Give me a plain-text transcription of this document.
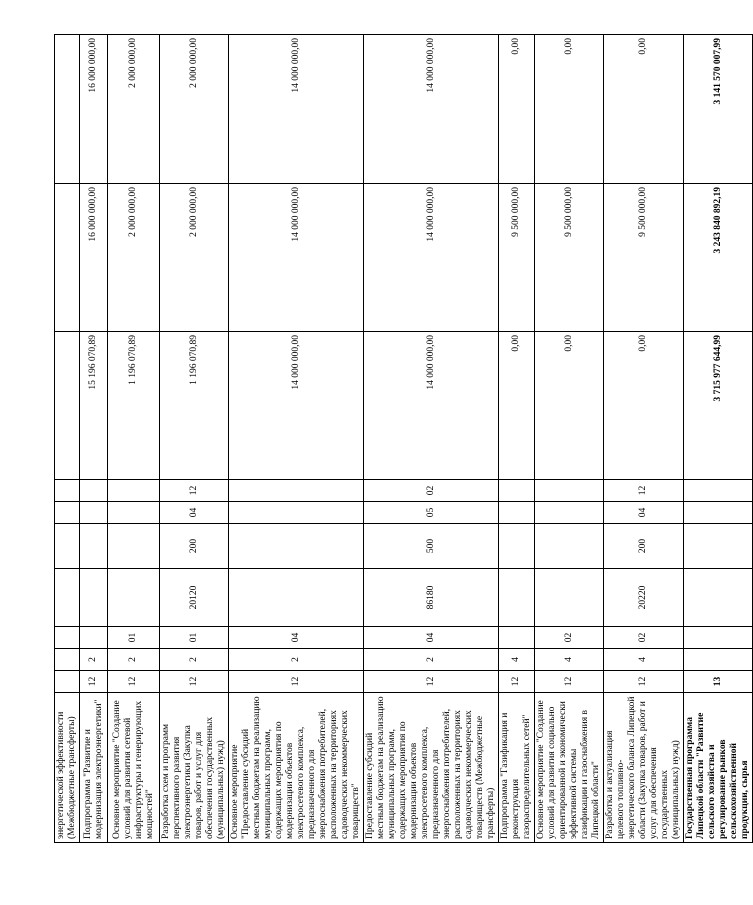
энергетической эффективности (Межбюджетные трансферты)										
Подпрограмма "Развитие и модернизация электроэнергетики"	12	2						15 196 070,89	16 000 000,00	16 000 000,00
Основное мероприятие "Создание условий для развития сетевой инфраструктуры и генерирующих мощностей"	12	2	01					1 196 070,89	2 000 000,00	2 000 000,00
Разработка схем и программ перспективного развития электроэнергетики (Закупка товаров, работ и услуг для обеспечения государственных (муниципальных) нужд)	12	2	01	20120	200	04	12	1 196 070,89	2 000 000,00	2 000 000,00
Основное мероприятие "Предоставление субсидий местным бюджетам на реализацию муниципальных программ, содержащих мероприятия по модернизации объектов электросетевого комплекса, предназначенного для энергоснабжения потребителей, расположенных на территориях садоводческих некоммерческих товариществ"	12	2	04					14 000 000,00	14 000 000,00	14 000 000,00
Предоставление субсидий местным бюджетам на реализацию муниципальных программ, содержащих мероприятия по модернизации объектов электросетевого комплекса, предназначенного для энергоснабжения потребителей, расположенных на территориях садоводческих некоммерческих товариществ (Межбюджетные трансферты)	12	2	04	86180	500	05	02	14 000 000,00	14 000 000,00	14 000 000,00
Подпрограмма "Газификация и реконструкция газораспределительных сетей"	12	4						0,00	9 500 000,00	0,00
Основное мероприятие "Создание условий для развития социально ориентированной и экономически эффективной системы газификации и газоснабжения в Липецкой области"	12	4	02					0,00	9 500 000,00	0,00
Разработка и актуализация целевого топливно-энергетического баланса Липецкой области (Закупка товаров, работ и услуг для обеспечения государственных (муниципальных) нужд)	12	4	02	20220	200	04	12	0,00	9 500 000,00	0,00
Государственная программа Липецкой области "Развитие сельского хозяйства и регулирование рынков сельскохозяйственной продукции, сырья	13							3 715 977 644,99	3 243 840 892,19	3 141 570 007,99
